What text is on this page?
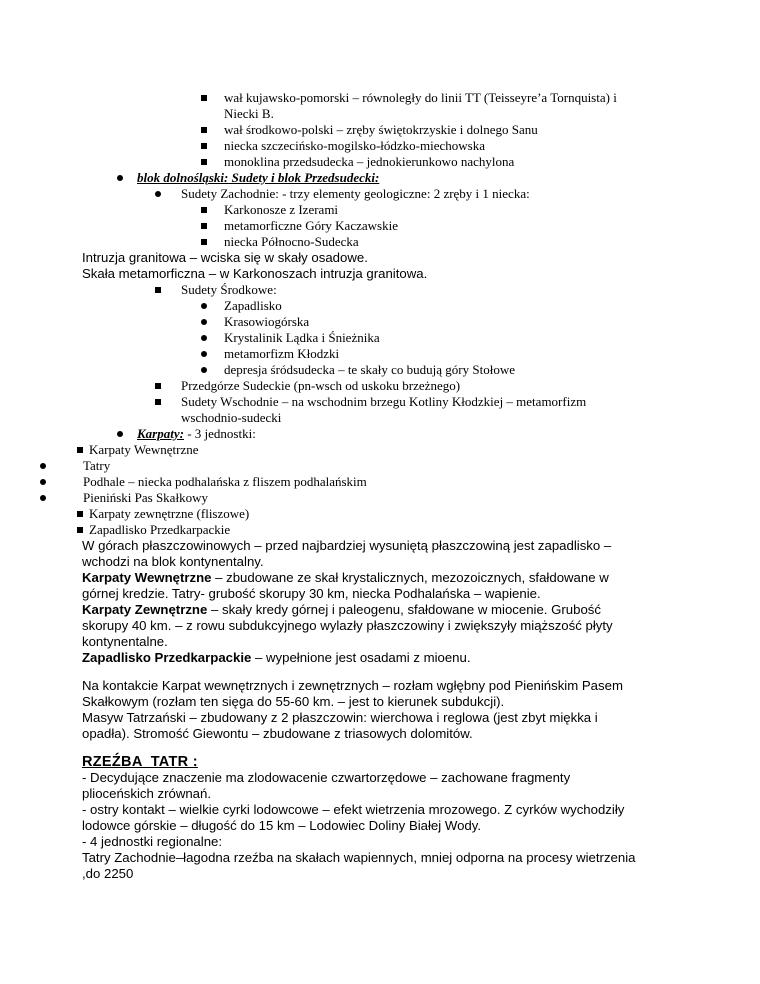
wał kujawsko-pomorski – równoległy do linii TT (Teisseyre’a Tornquista) i
Niecki B.
wał środkowo-polski – zręby świętokrzyskie i dolnego Sanu
niecka szczecińsko-mogilsko-łódzko-miechowska
monoklina przedsudecka – jednokierunkowo nachylona
blok dolnośląski: Sudety i blok Przedsudecki:
Sudety Zachodnie: - trzy elementy geologiczne: 2 zręby i 1 niecka:
Karkonosze z Izerami
metamorficzne Góry Kaczawskie
niecka Północno-Sudecka
Intruzja granitowa – wciska się w skały osadowe.
Skała metamorficzna – w Karkonoszach intruzja granitowa.
Sudety Środkowe:
Zapadlisko
Krasowiogórska
Krystalinik Lądka i Śnieżnika
metamorfizm Kłodzki
depresja śródsudecka – te skały co budują góry Stołowe
Przedgórze Sudeckie (pn-wsch od uskoku brzeżnego)
Sudety Wschodnie – na wschodnim brzegu Kotliny Kłodzkiej – metamorfizm
wschodnio-sudecki
Karpaty: - 3 jednostki:
Karpaty Wewnętrzne
Tatry
Podhale – niecka podhalańska z fliszem podhalańskim
Pieniński Pas Skałkowy
Karpaty zewnętrzne (fliszowe)
Zapadlisko Przedkarpackie
W górach płaszczowinowych – przed najbardziej wysuniętą płaszczowiną jest zapadlisko –
wchodzi na blok kontynentalny.
Karpaty Wewnętrzne – zbudowane ze skał krystalicznych, mezozoicznych, sfałdowane w
górnej kredzie. Tatry- grubość skorupy 30 km, niecka Podhalańska – wapienie.
Karpaty Zewnętrzne – skały kredy górnej i paleogenu, sfałdowane w miocenie. Grubość
skorupy 40 km. – z rowu subdukcyjnego wylazły płaszczowiny i zwiększyły miąższość płyty
kontynentalne.
Zapadlisko Przedkarpackie – wypełnione jest osadami z mioenu.
Na kontakcie Karpat wewnętrznych i zewnętrznych – rozłam wgłębny pod Pienińskim Pasem
Skałkowym (rozłam ten sięga do 55-60 km. – jest to kierunek subdukcji).
Masyw Tatrzański – zbudowany z 2 płaszczowin: wierchowa i reglowa (jest zbyt miękka i
opadła). Stromość Giewontu – zbudowane z triasowych dolomitów.
RZEŹBA  TATR :
- Decydujące znaczenie ma zlodowacenie czwartorzędowe – zachowane fragmenty
plioceńskich zrównań.
- ostry kontakt – wielkie cyrki lodowcowe – efekt wietrzenia mrozowego. Z cyrków wychodziły
lodowce górskie – długość do 15 km – Lodowiec Doliny Białej Wody.
- 4 jednostki regionalne:
Tatry Zachodnie–łagodna rzeźba na skałach wapiennych, mniej odporna na procesy wietrzenia
,do 2250
